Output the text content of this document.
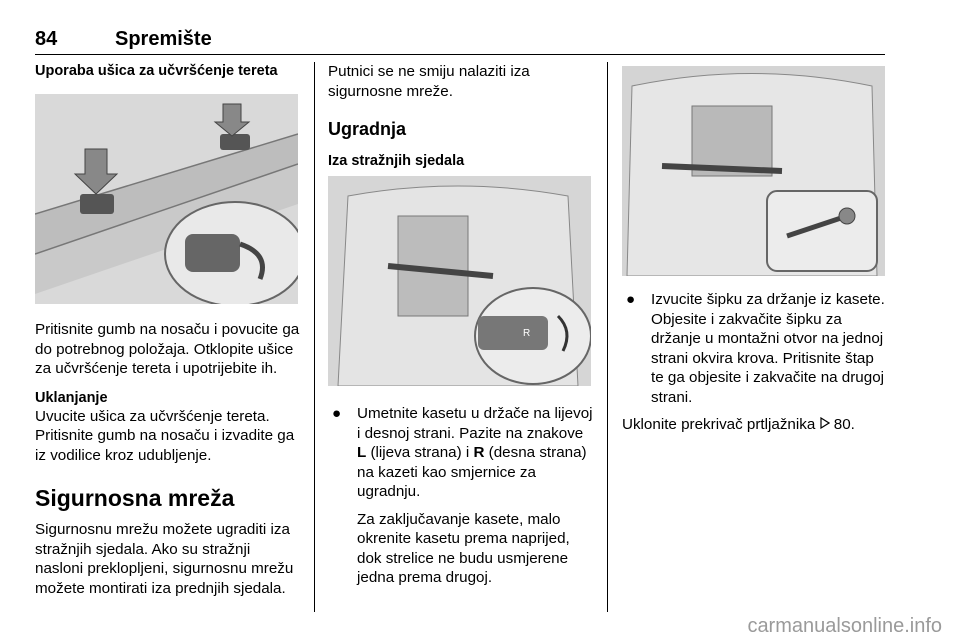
84	Spremište
Uporaba ušica za učvršćenje tereta

Pritisnite gumb na nosaču i povucite ga do potrebnog položaja. Otklopite ušice za učvršćenje tereta i upotrijebite ih.

Uklanjanje

Uvucite ušica za učvršćenje tereta. Pritisnite gumb na nosaču i izvadite ga iz vodilice kroz udubljenje.

Sigurnosna mreža

Sigurnosnu mrežu možete ugraditi iza stražnjih sjedala. Ako su stražnji nasloni preklopljeni, sigurnosnu mrežu možete montirati iza prednjih sjedala.

Putnici se ne smiju nalaziti iza sigurnosne mreže.

Ugradnja
Iza stražnjih sjedala
R
●	Umetnite kasetu u držače na lijevoj i desnoj strani. Pazite na znakove L (lijeva strana) i R (desna strana) na kazeti kao smjernice za ugradnju.
Za zaključavanje kasete, malo okrenite kasetu prema naprijed, dok strelice ne budu usmjerene jedna prema drugoj.
●	Izvucite šipku za držanje iz kasete. Objesite i zakvačite šipku za držanje u montažni otvor na jednoj strani okvira krova. Pritisnite štap te ga objesite i zakvačite na drugoj strani.

Uklonite prekrivač prtljažnika 80.

carmanualsonline.info
